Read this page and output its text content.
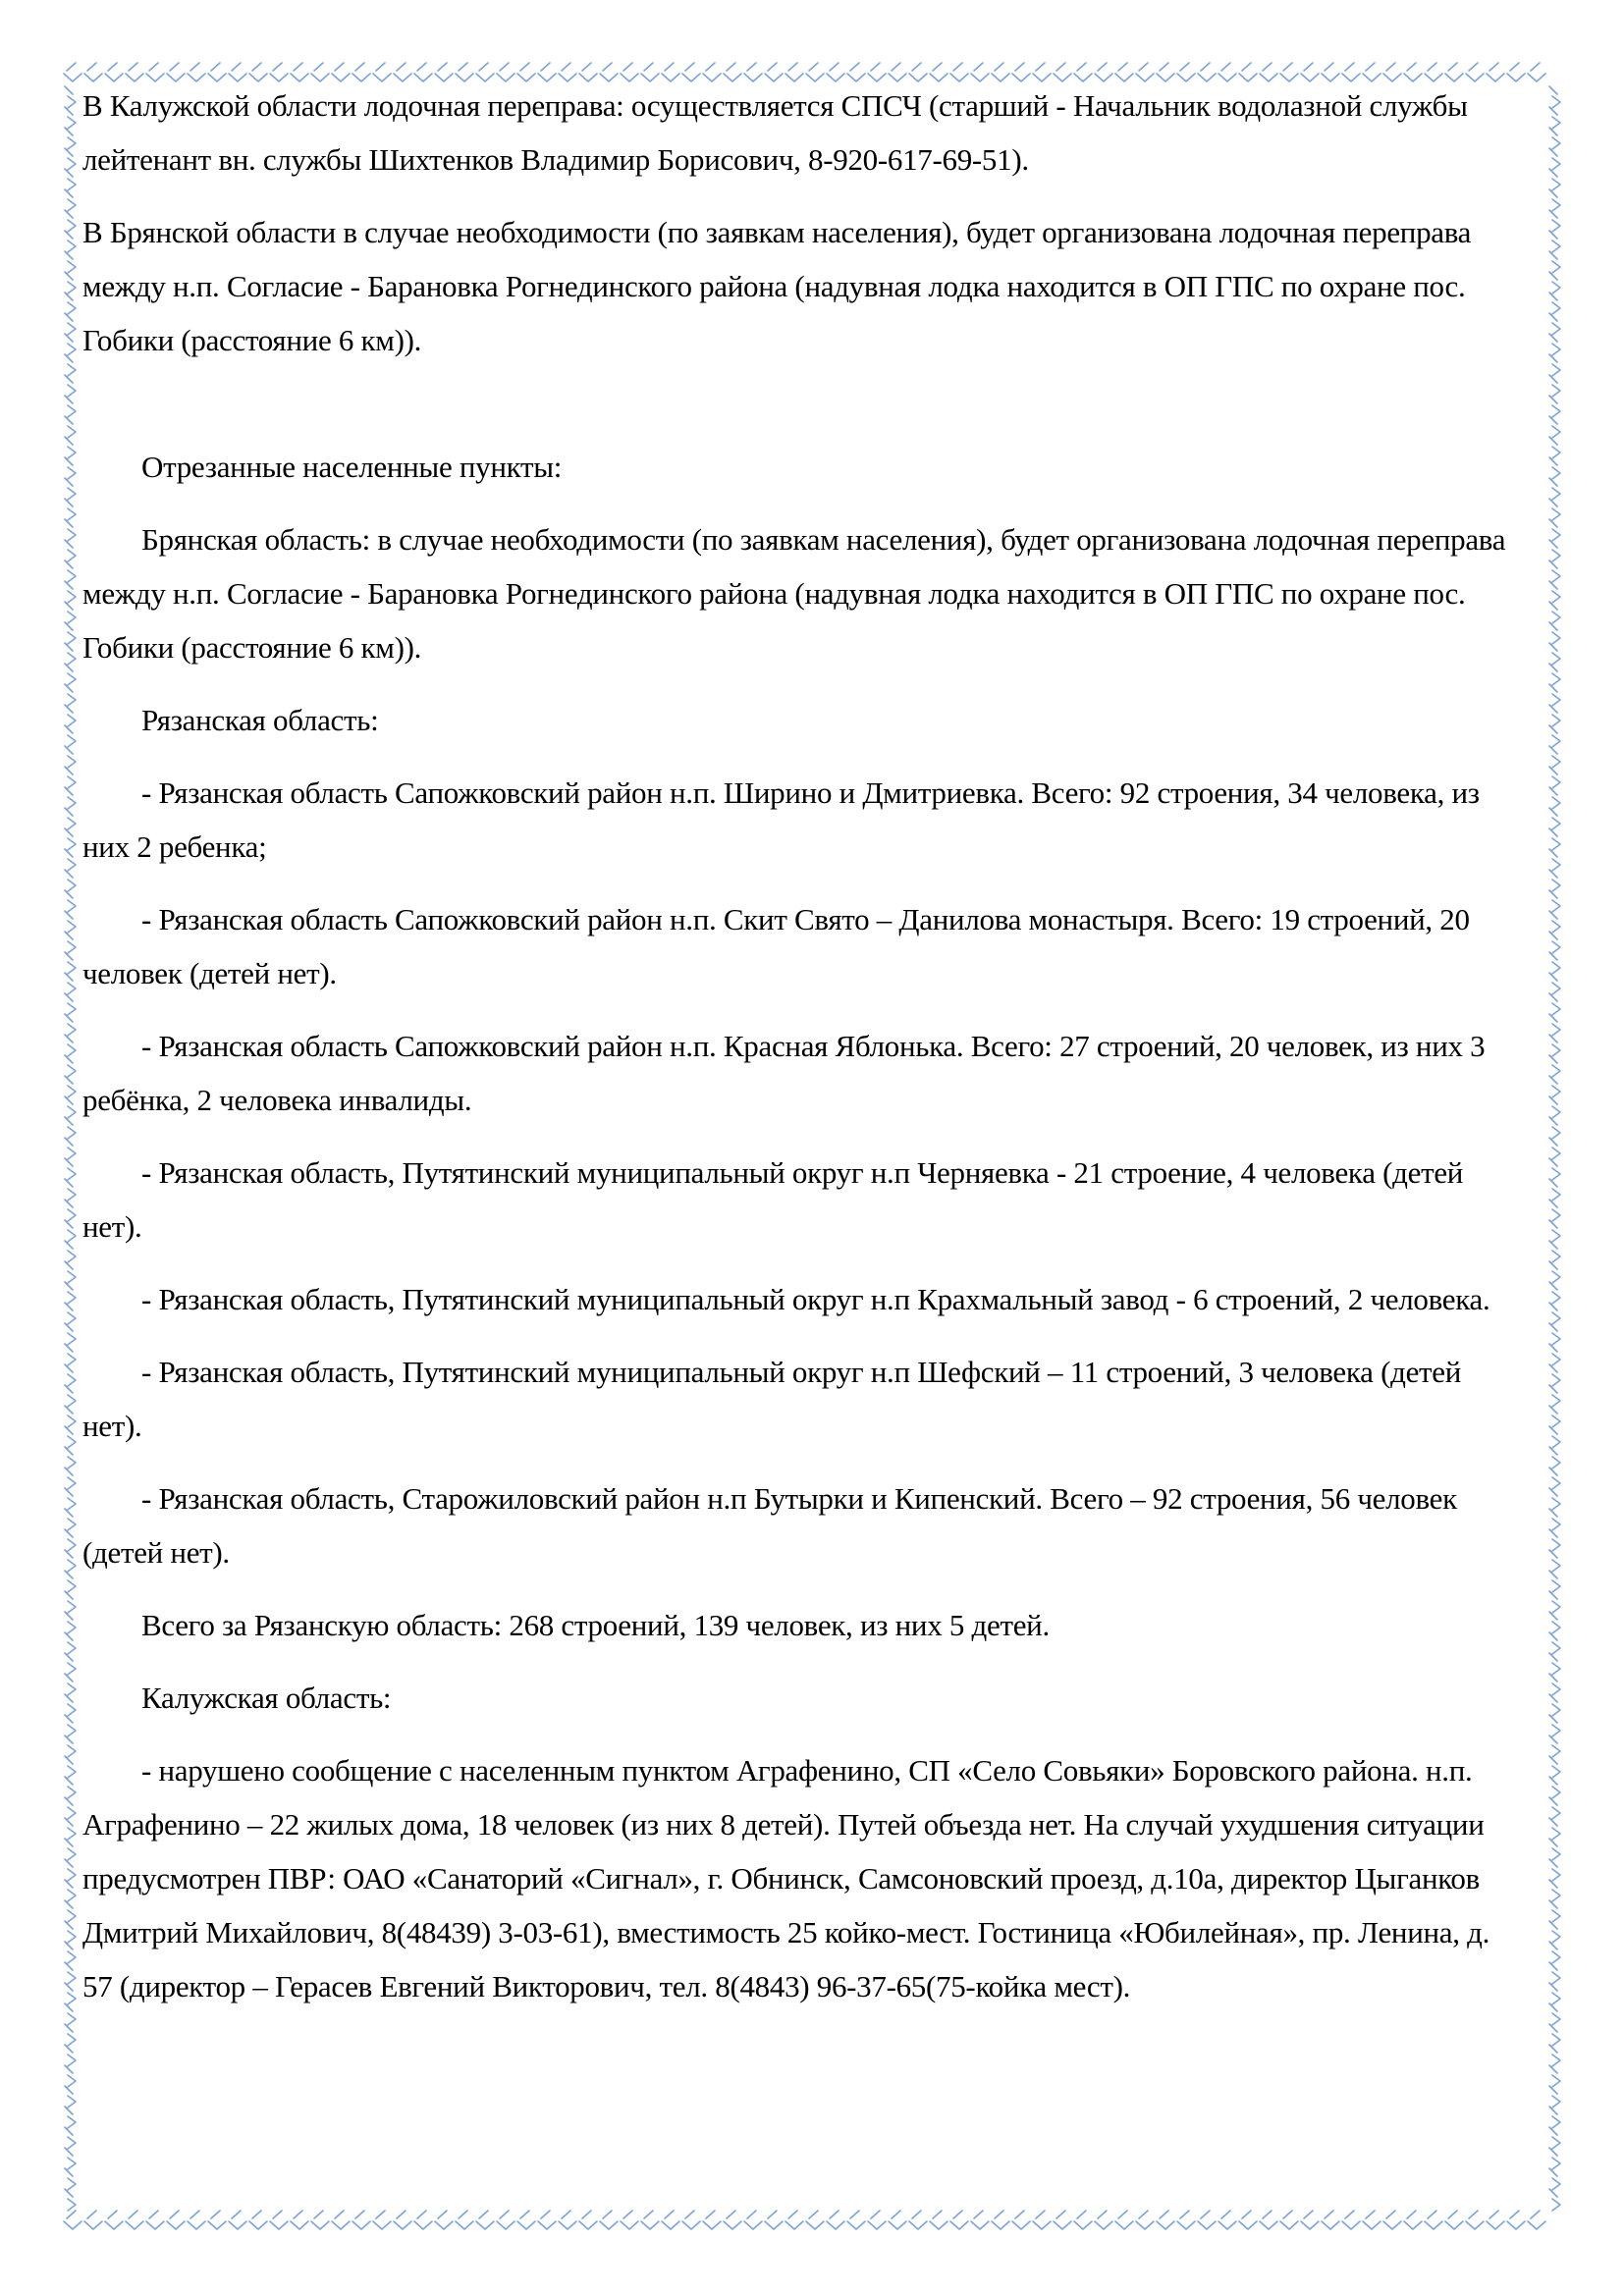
В Калужской области лодочная переправа: осуществляется СПСЧ (старший - Начальник водолазной службы лейтенант вн. службы Шихтенков Владимир Борисович, 8-920-617-69-51).

В Брянской области в случае необходимости (по заявкам населения), будет организована лодочная переправа между н.п. Согласие - Барановка Рогнединского района (надувная лодка находится в ОП ГПС по охране пос. Гобики (расстояние 6 км)).

Отрезанные населенные пункты:

Брянская область: в случае необходимости (по заявкам населения), будет организована лодочная переправа между н.п. Согласие - Барановка Рогнединского района (надувная лодка находится в ОП ГПС по охране пос. Гобики (расстояние 6 км)).

Рязанская область:

- Рязанская область Сапожковский район н.п. Ширино и Дмитриевка. Всего: 92 строения, 34 человека, из них 2 ребенка;

- Рязанская область Сапожковский район н.п. Скит Свято – Данилова монастыря. Всего: 19 строений, 20 человек (детей нет).

- Рязанская область Сапожковский район н.п. Красная Яблонька. Всего: 27 строений, 20 человек, из них 3 ребёнка, 2 человека инвалиды.

- Рязанская область, Путятинский муниципальный округ н.п Черняевка - 21 строение, 4 человека (детей нет).

- Рязанская область, Путятинский муниципальный округ н.п Крахмальный завод - 6 строений, 2 человека.

- Рязанская область, Путятинский муниципальный округ н.п Шефский – 11 строений, 3 человека (детей нет).

- Рязанская область, Старожиловский район н.п Бутырки и Кипенский. Всего – 92 строения, 56 человек (детей нет).

Всего за Рязанскую область: 268 строений, 139 человек, из них 5 детей.

Калужская область:

- нарушено сообщение с населенным пунктом Аграфенино, СП «Село Совьяки» Боровского района. н.п. Аграфенино – 22 жилых дома, 18 человек (из них 8 детей). Путей объезда нет. На случай ухудшения ситуации предусмотрен ПВР: ОАО «Санаторий «Сигнал», г. Обнинск, Самсоновский проезд, д.10а, директор Цыганков Дмитрий Михайлович, 8(48439) 3-03-61), вместимость 25 койко-мест. Гостиница «Юбилейная», пр. Ленина, д. 57 (директор – Герасев Евгений Викторович, тел. 8(4843) 96-37-65(75-койка мест).
